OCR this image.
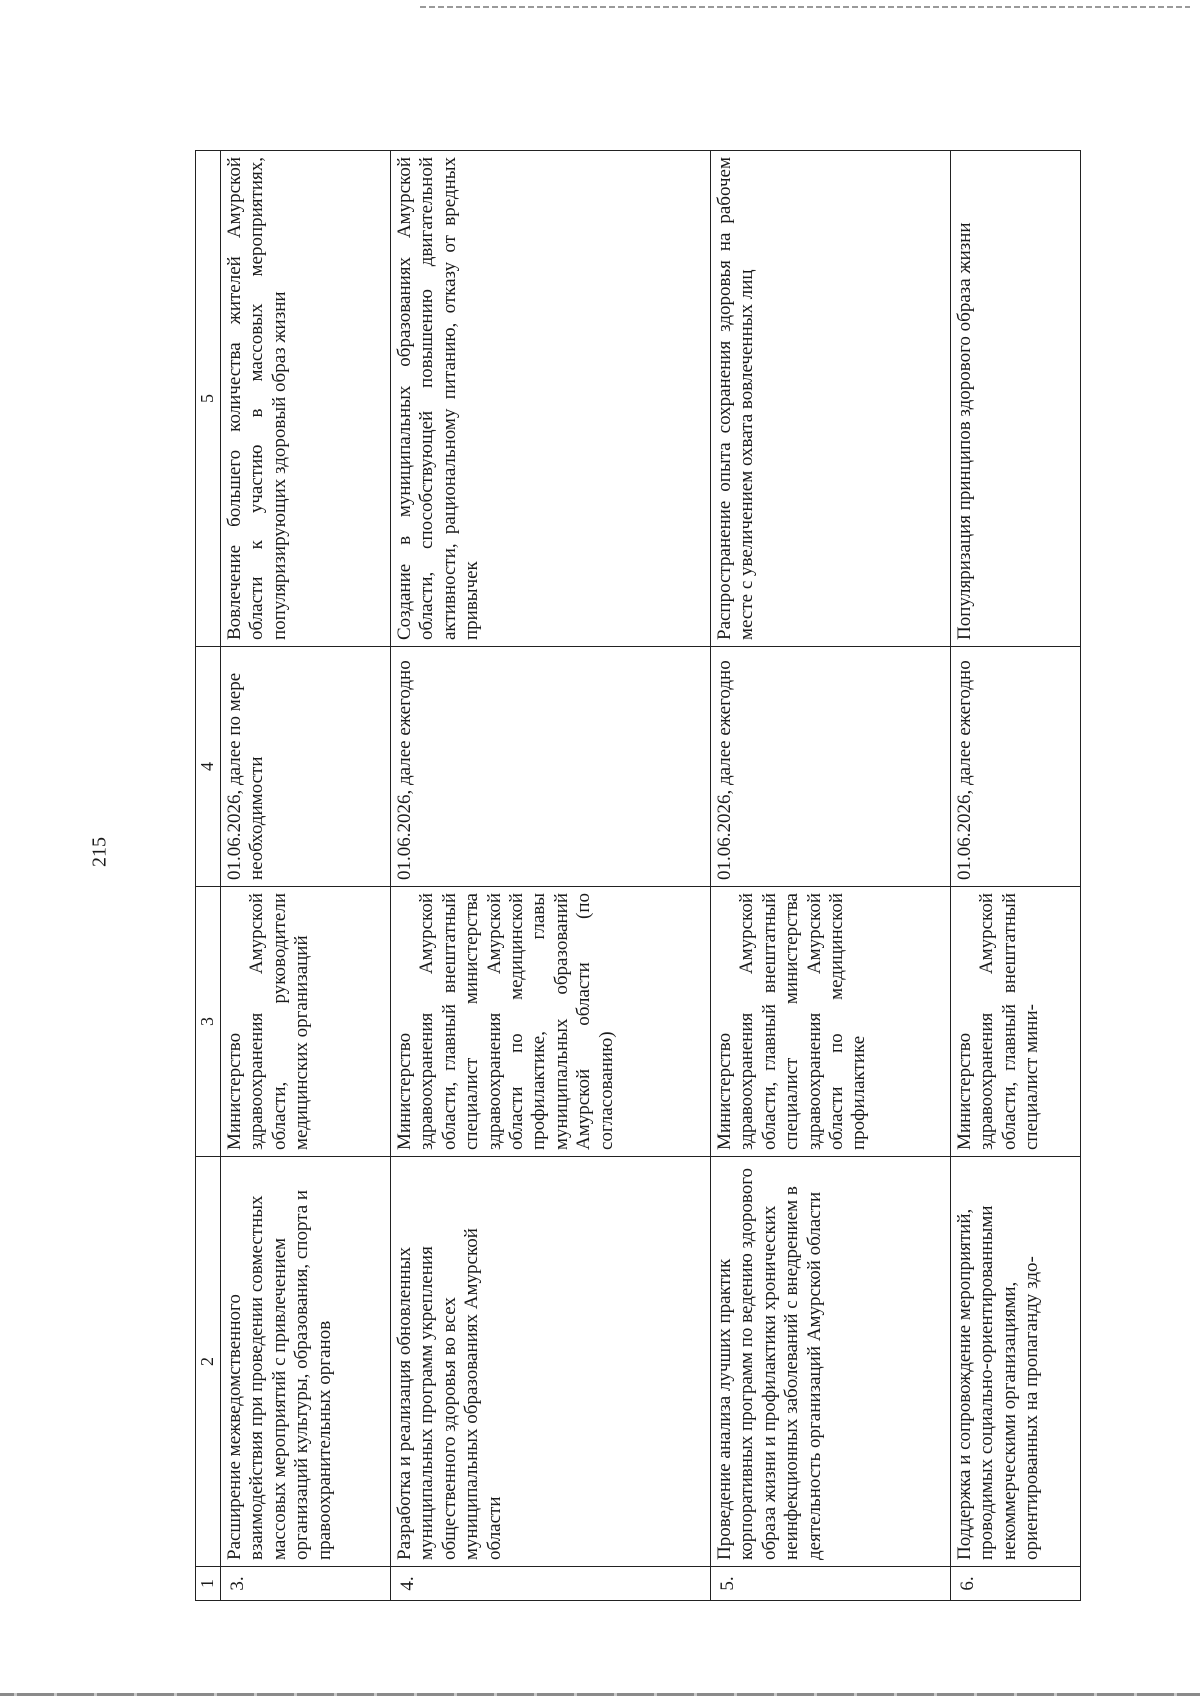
215
1	2	3	4	5
3.	Расширение межведомственного взаимодействия при проведении совместных массовых мероприятий с привлечением организаций культуры, образования, спорта и правоохранительных органов	Министерство здравоохранения Амурской области, руководители медицинских организаций	01.06.2026, далее по мере необходимости	Вовлечение большего количества жителей Амурской области к участию в массовых мероприятиях, популяризирующих здоровый образ жизни
4.	Разработка и реализация обновленных муниципальных программ укрепления общественного здоровья во всех муниципальных образованиях Амурской области	Министерство здравоохранения Амурской области, главный внештатный специалист министерства здравоохранения Амурской области по медицинской профилактике, главы муниципальных образований Амурской области (по согласованию)	01.06.2026, далее ежегодно	Создание в муниципальных образованиях Амурской области, способствующей повышению двигательной активности, рациональному питанию, отказу от вредных привычек
5.	Проведение анализа лучших практик корпоративных программ по ведению здорового образа жизни и профилактики хронических неинфекционных заболеваний с внедрением в деятельность организаций Амурской области	Министерство здравоохранения Амурской области, главный внештатный специалист министерства здравоохранения Амурской области по медицинской профилактике	01.06.2026, далее ежегодно	Распространение опыта сохранения здоровья на рабочем месте с увеличением охвата вовлеченных лиц
6.	Поддержка и сопровождение мероприятий, проводимых социально-ориентированными некоммерческими организациями, ориентированных на пропаганду здо-	Министерство здравоохранения Амурской области, главный внештатный специалист мини-	01.06.2026, далее ежегодно	Популяризация принципов здорового образа жизни
